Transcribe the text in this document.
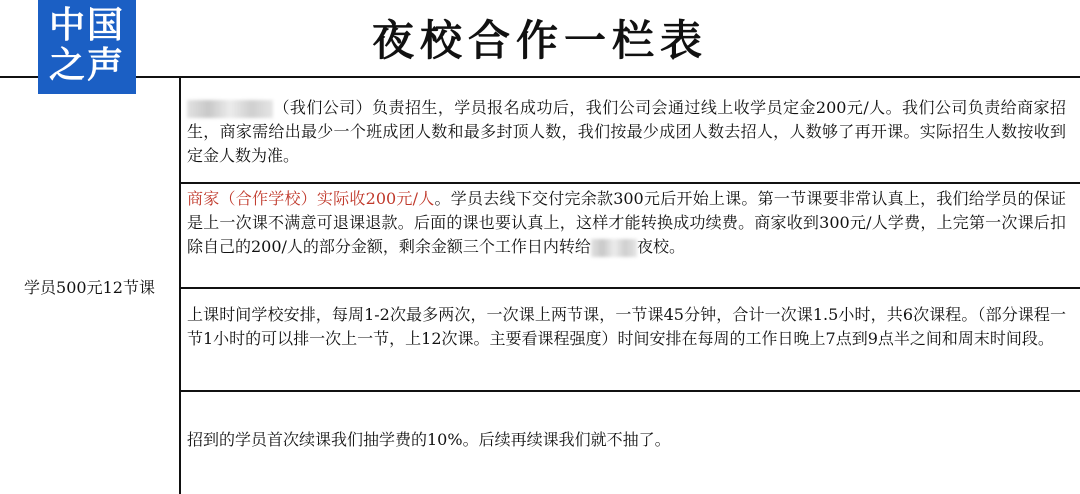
夜校合作一栏表
中国
之声
学员500元12节课

（我们公司）负责招生，学员报名成功后，我们公司会通过线上收学员定金200元/人。我们公司负责给商家招生，商家需给出最少一个班成团人数和最多封顶人数，我们按最少成团人数去招人，人数够了再开课。实际招生人数按收到定金人数为准。

商家（合作学校）实际收200元/人。学员去线下交付完余款300元后开始上课。第一节课要非常认真上，我们给学员的保证是上一次课不满意可退课退款。后面的课也要认真上，这样才能转换成功续费。商家收到300元/人学费，上完第一次课后扣除自己的200/人的部分金额，剩余金额三个工作日内转给	夜校。

上课时间学校安排，每周1-2次最多两次，一次课上两节课，一节课45分钟，合计一次课1.5小时，共6次课程。（部分课程一节1小时的可以排一次上一节，上12次课。主要看课程强度）时间安排在每周的工作日晚上7点到9点半之间和周末时间段。

招到的学员首次续课我们抽学费的10%。后续再续课我们就不抽了。
